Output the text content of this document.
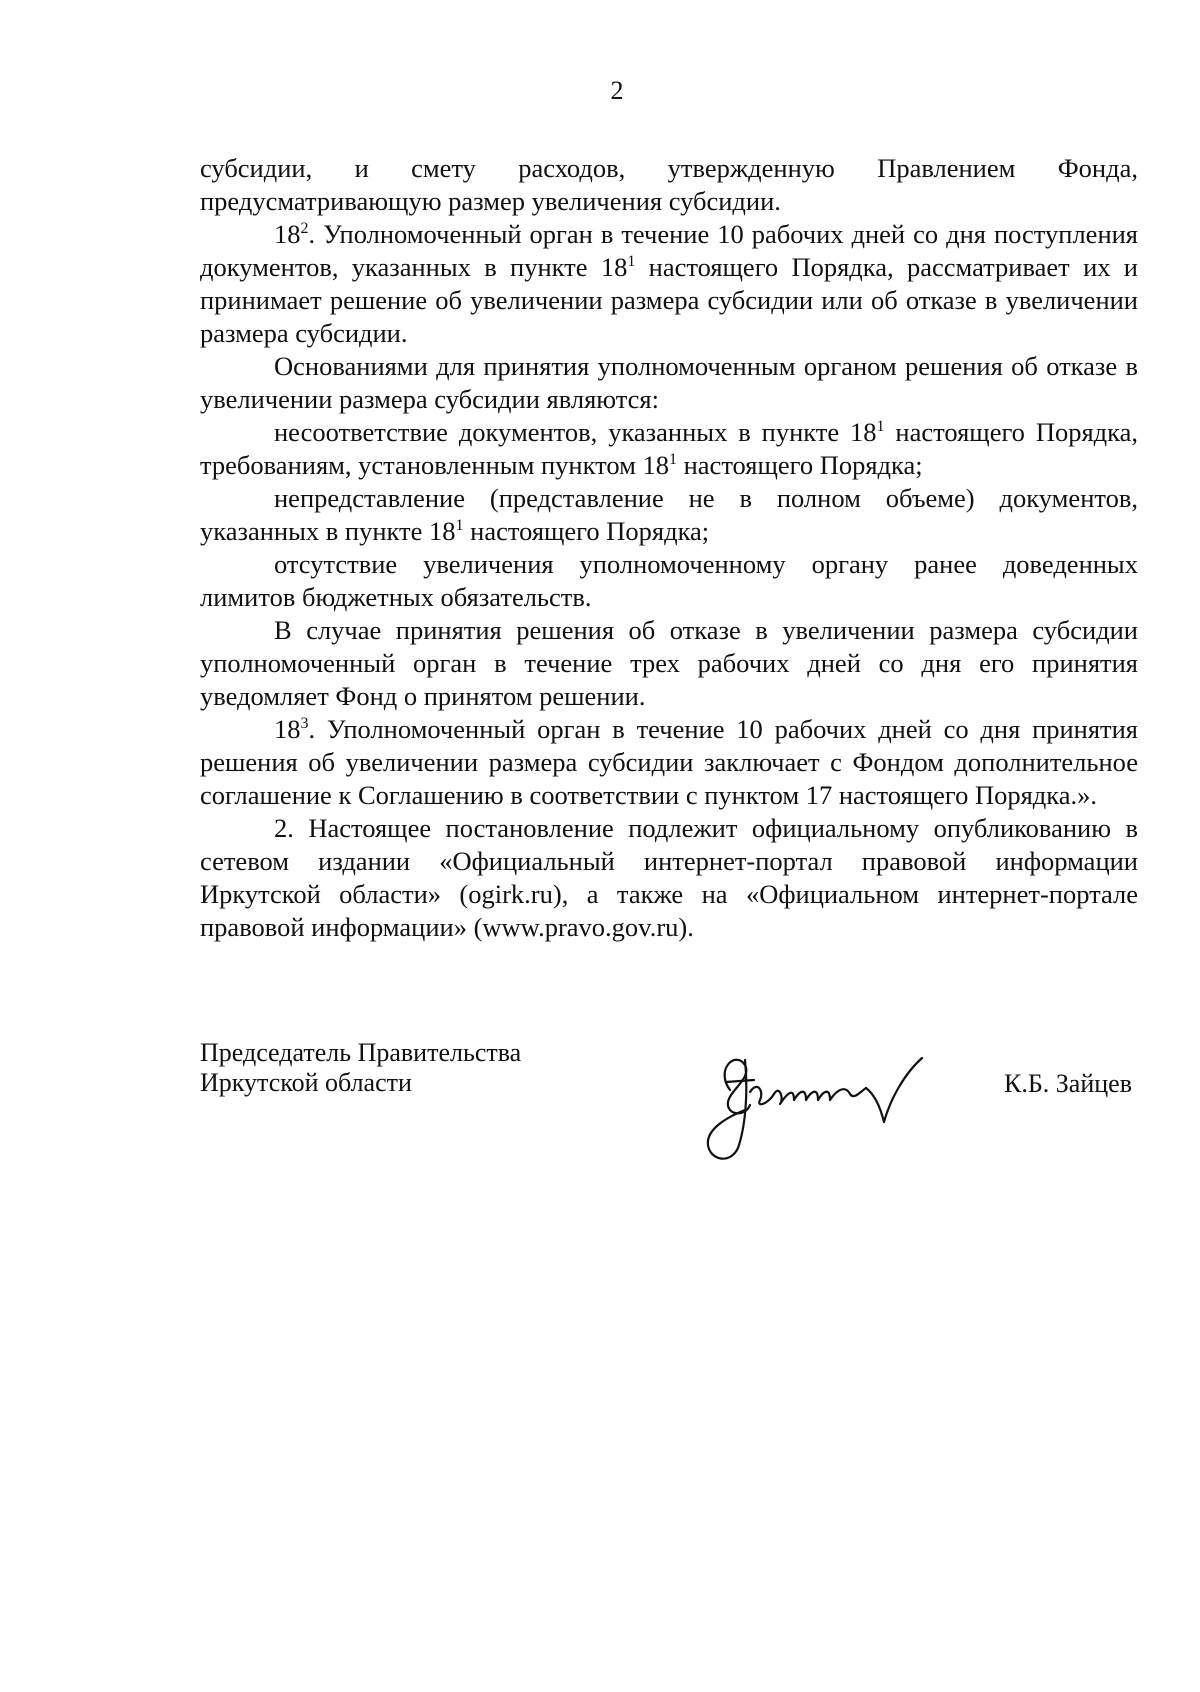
2

субсидии, и смету расходов, утвержденную Правлением Фонда, предусматривающую размер увеличения субсидии.

$18^2$. Уполномоченный орган в течение 10 рабочих дней со дня поступления документов, указанных в пункте $18^1$ настоящего Порядка, рассматривает их и принимает решение об увеличении размера субсидии или об отказе в увеличении размера субсидии.

Основаниями для принятия уполномоченным органом решения об отказе в увеличении размера субсидии являются:

несоответствие документов, указанных в пункте $18^1$ настоящего Порядка, требованиям, установленным пунктом $18^1$ настоящего Порядка;

непредставление (представление не в полном объеме) документов, указанных в пункте $18^1$ настоящего Порядка;

отсутствие увеличения уполномоченному органу ранее доведенных лимитов бюджетных обязательств.

В случае принятия решения об отказе в увеличении размера субсидии уполномоченный орган в течение трех рабочих дней со дня его принятия уведомляет Фонд о принятом решении.

$18^3$. Уполномоченный орган в течение 10 рабочих дней со дня принятия решения об увеличении размера субсидии заключает с Фондом дополнительное соглашение к Соглашению в соответствии с пунктом 17 настоящего Порядка.».

2. Настоящее постановление подлежит официальному опубликованию в сетевом издании «Официальный интернет-портал правовой информации Иркутской области» (ogirk.ru), а также на «Официальном интернет-портале правовой информации» (www.pravo.gov.ru).

Председатель Правительства
Иркутской области	К.Б. Зайцев
